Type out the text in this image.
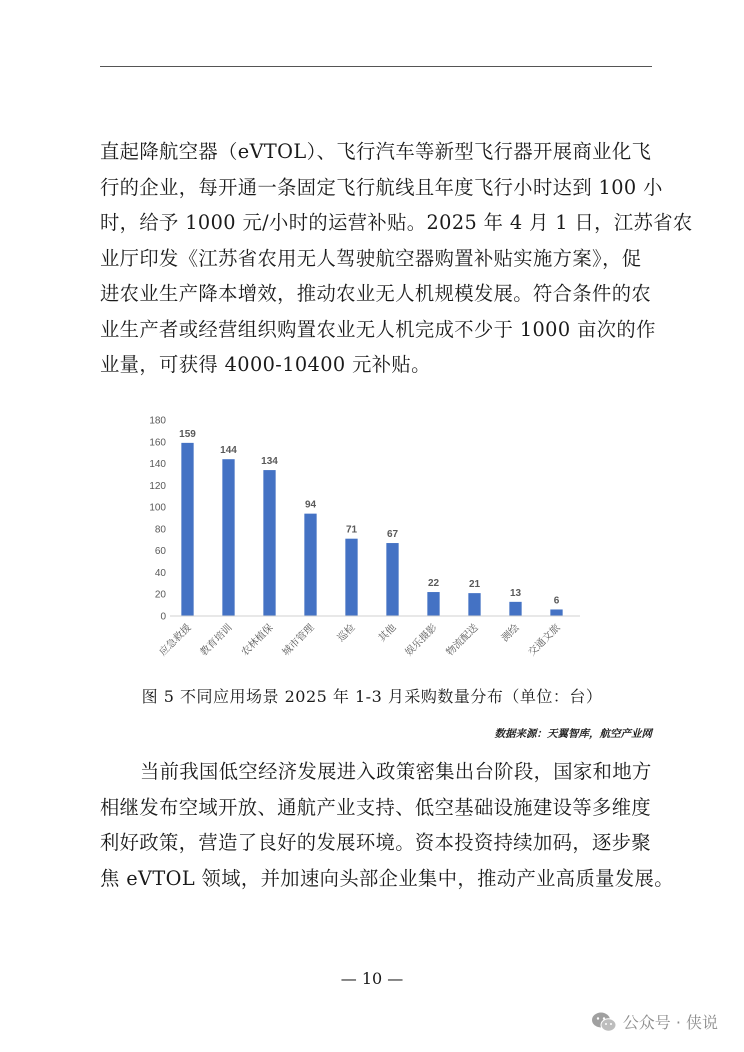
直起降航空器（eVTOL）、飞行汽车等新型飞行器开展商业化飞
行的企业，每开通一条固定飞行航线且年度飞行小时达到 100 小
时，给予 1000 元/小时的运营补贴。2025 年 4 月 1 日，江苏省农
业厅印发《江苏省农用无人驾驶航空器购置补贴实施方案》，促
进农业生产降本增效，推动农业无人机规模发展。符合条件的农
业生产者或经营组织购置农业无人机完成不少于 1000 亩次的作
业量，可获得 4000-10400 元补贴。

0
20
40
60
80
100
120
140
160
180
159
144
134
94
71	67
22	21
13
6
应急救援 教育培训 农林植保 城市管理 巡检 其他 娱乐摄影 物流配送 测绘 交通文旅
图 5 不同应用场景 2025 年 1-3 月采购数量分布（单位：台）
数据来源：天翼智库，航空产业网

当前我国低空经济发展进入政策密集出台阶段，国家和地方
相继发布空域开放、通航产业支持、低空基础设施建设等多维度
利好政策，营造了良好的发展环境。资本投资持续加码，逐步聚
焦 eVTOL 领域，并加速向头部企业集中，推动产业高质量发展。

— 10 —
公众号 · 侠说
